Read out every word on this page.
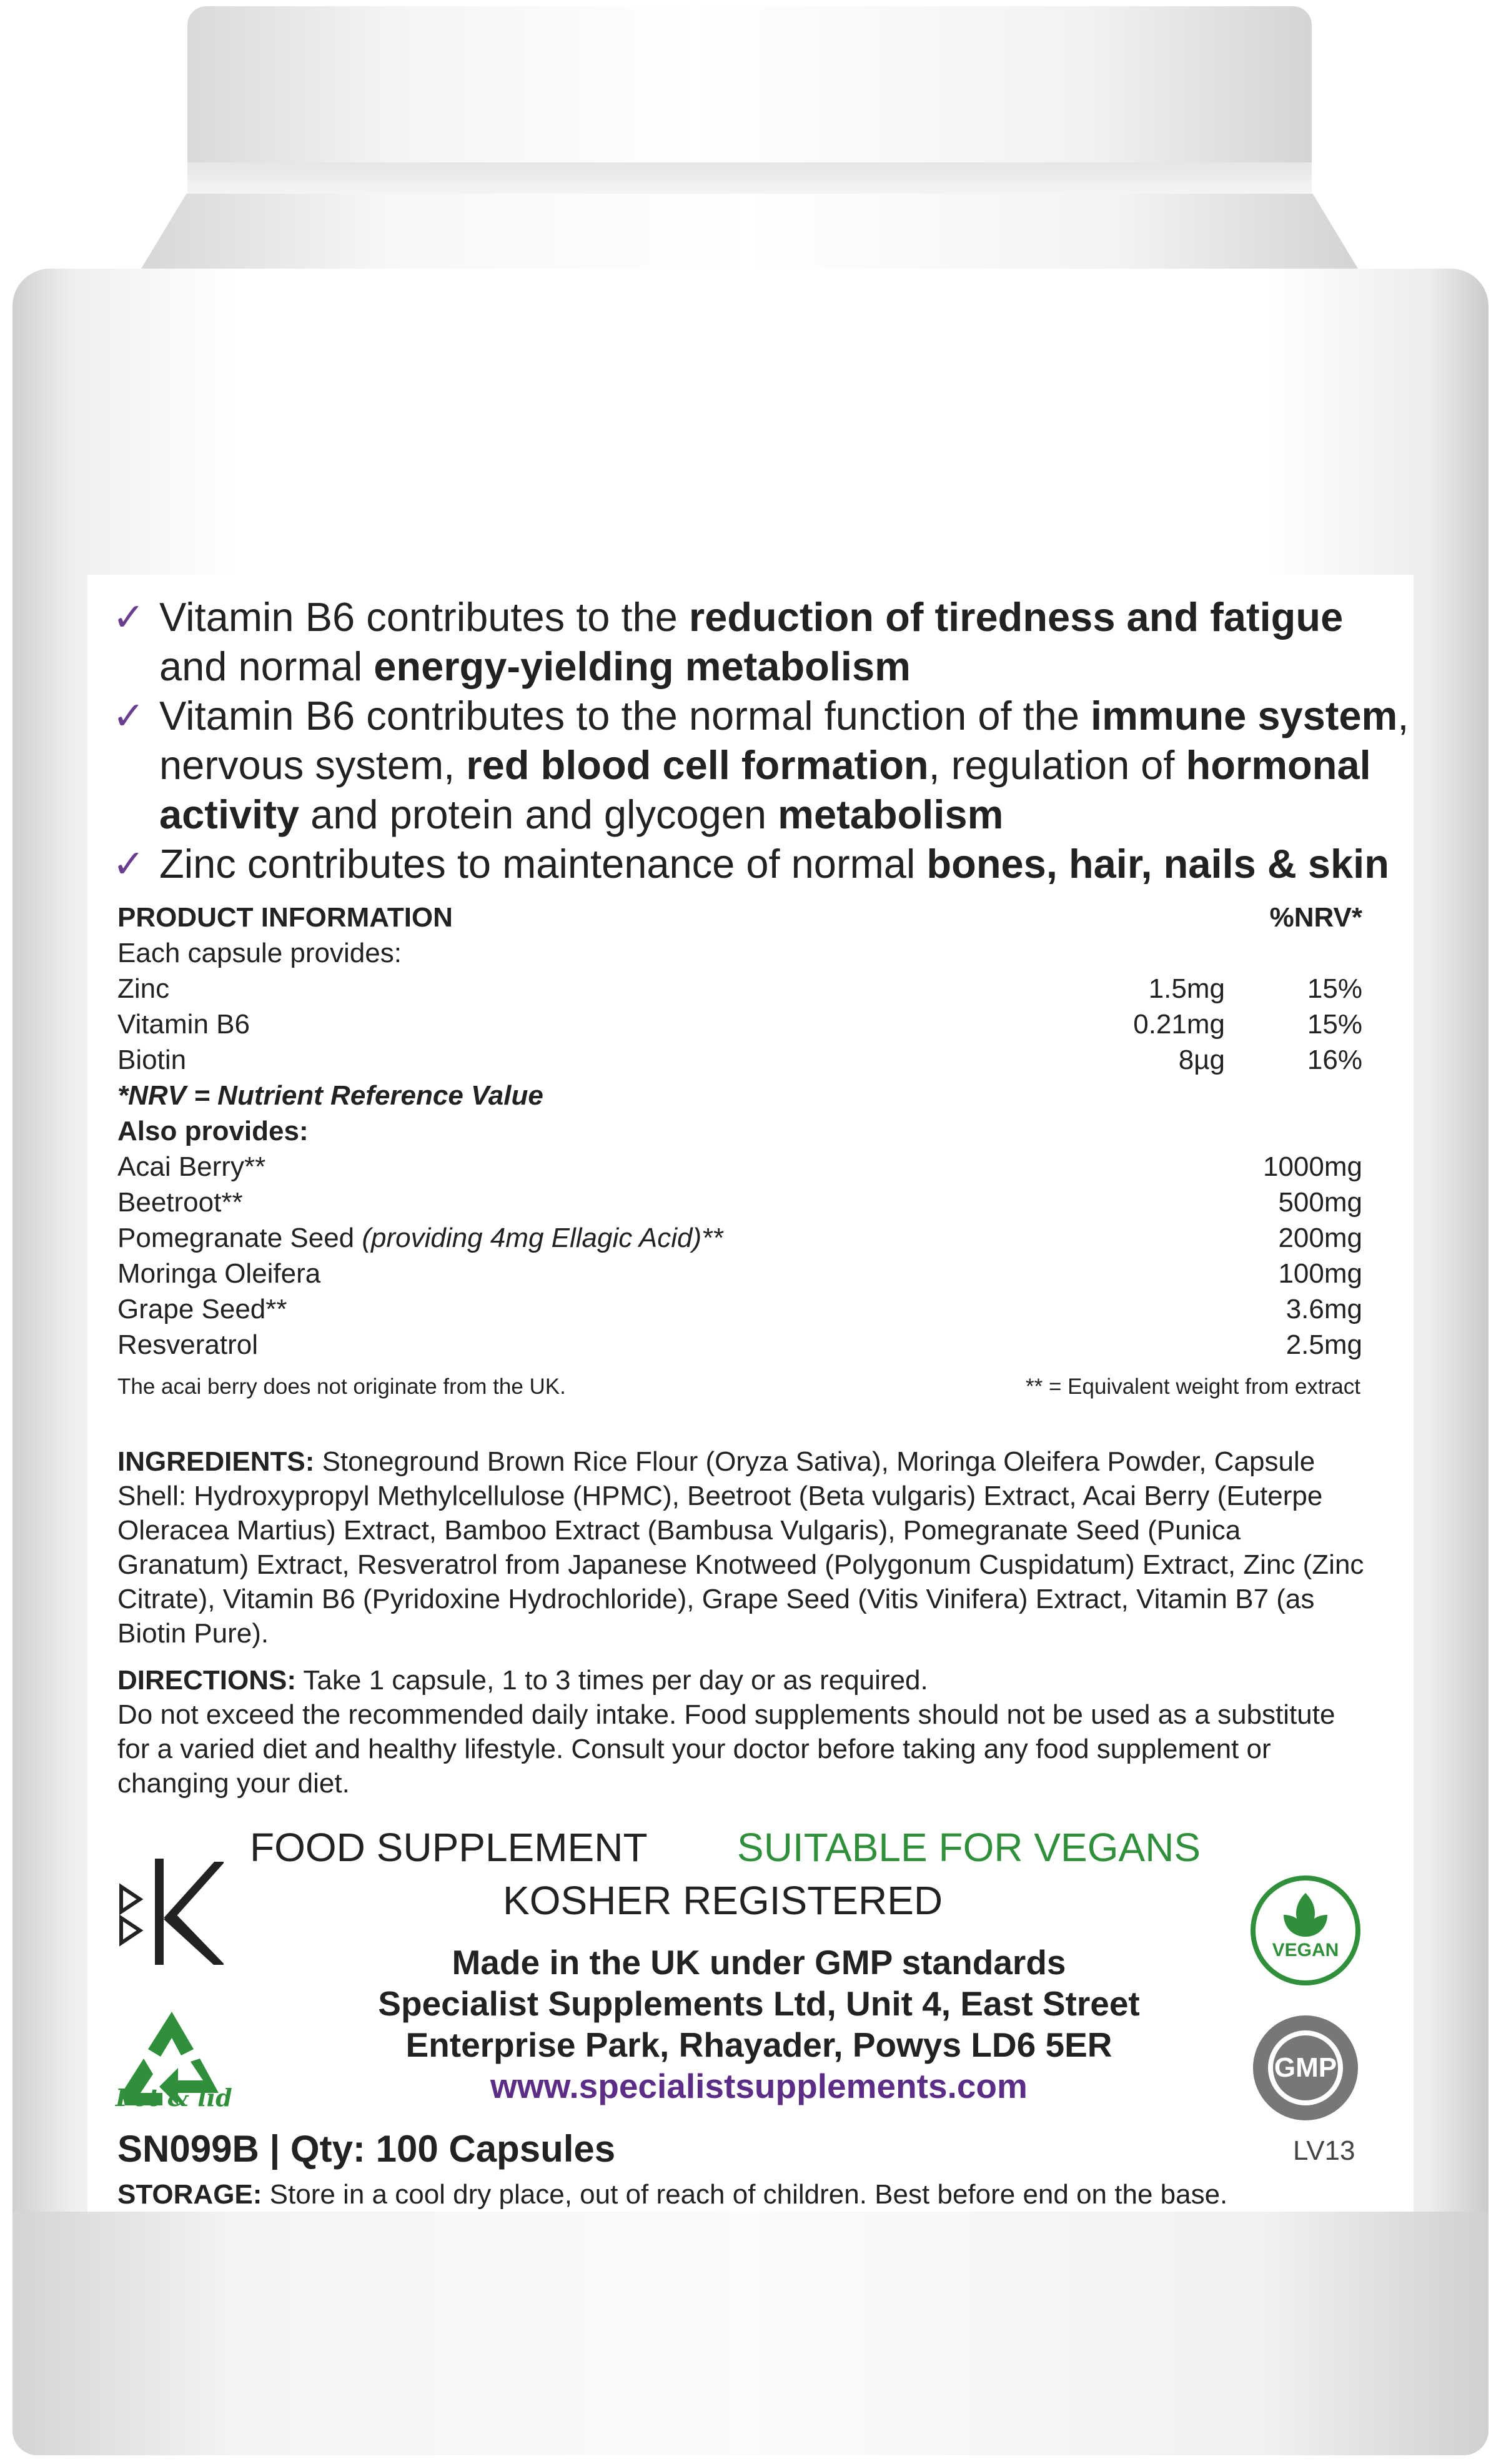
✓ Vitamin B6 contributes to the reduction of tiredness and fatigue and normal energy-yielding metabolism
✓ Vitamin B6 contributes to the normal function of the immune system, nervous system, red blood cell formation, regulation of hormonal activity and protein and glycogen metabolism
✓ Zinc contributes to maintenance of normal bones, hair, nails & skin
PRODUCT INFORMATION	%NRV*
Each capsule provides:
Zinc	1.5mg	15%
Vitamin B6	0.21mg	15%
Biotin	8µg	16%
*NRV = Nutrient Reference Value
Also provides:
Acai Berry**	1000mg
Beetroot**	500mg
Pomegranate Seed (providing 4mg Ellagic Acid)**	200mg
Moringa Oleifera	100mg
Grape Seed**	3.6mg
Resveratrol	2.5mg
The acai berry does not originate from the UK.	** = Equivalent weight from extract
INGREDIENTS: Stoneground Brown Rice Flour (Oryza Sativa), Moringa Oleifera Powder, Capsule Shell: Hydroxypropyl Methylcellulose (HPMC), Beetroot (Beta vulgaris) Extract, Acai Berry (Euterpe Oleracea Martius) Extract, Bamboo Extract (Bambusa Vulgaris), Pomegranate Seed (Punica Granatum) Extract, Resveratrol from Japanese Knotweed (Polygonum Cuspidatum) Extract, Zinc (Zinc Citrate), Vitamin B6 (Pyridoxine Hydrochloride), Grape Seed (Vitis Vinifera) Extract, Vitamin B7 (as Biotin Pure).
DIRECTIONS: Take 1 capsule, 1 to 3 times per day or as required.
Do not exceed the recommended daily intake. Food supplements should not be used as a substitute for a varied diet and healthy lifestyle. Consult your doctor before taking any food supplement or changing your diet.
FOOD SUPPLEMENT SUITABLE FOR VEGANS
KOSHER REGISTERED
Made in the UK under GMP standards
Specialist Supplements Ltd, Unit 4, East Street
Enterprise Park, Rhayader, Powys LD6 5ER
www.specialistsupplements.com
Pot & lid
VEGAN
GMP
SN099B | Qty: 100 Capsules	LV13
STORAGE: Store in a cool dry place, out of reach of children. Best before end on the base.
